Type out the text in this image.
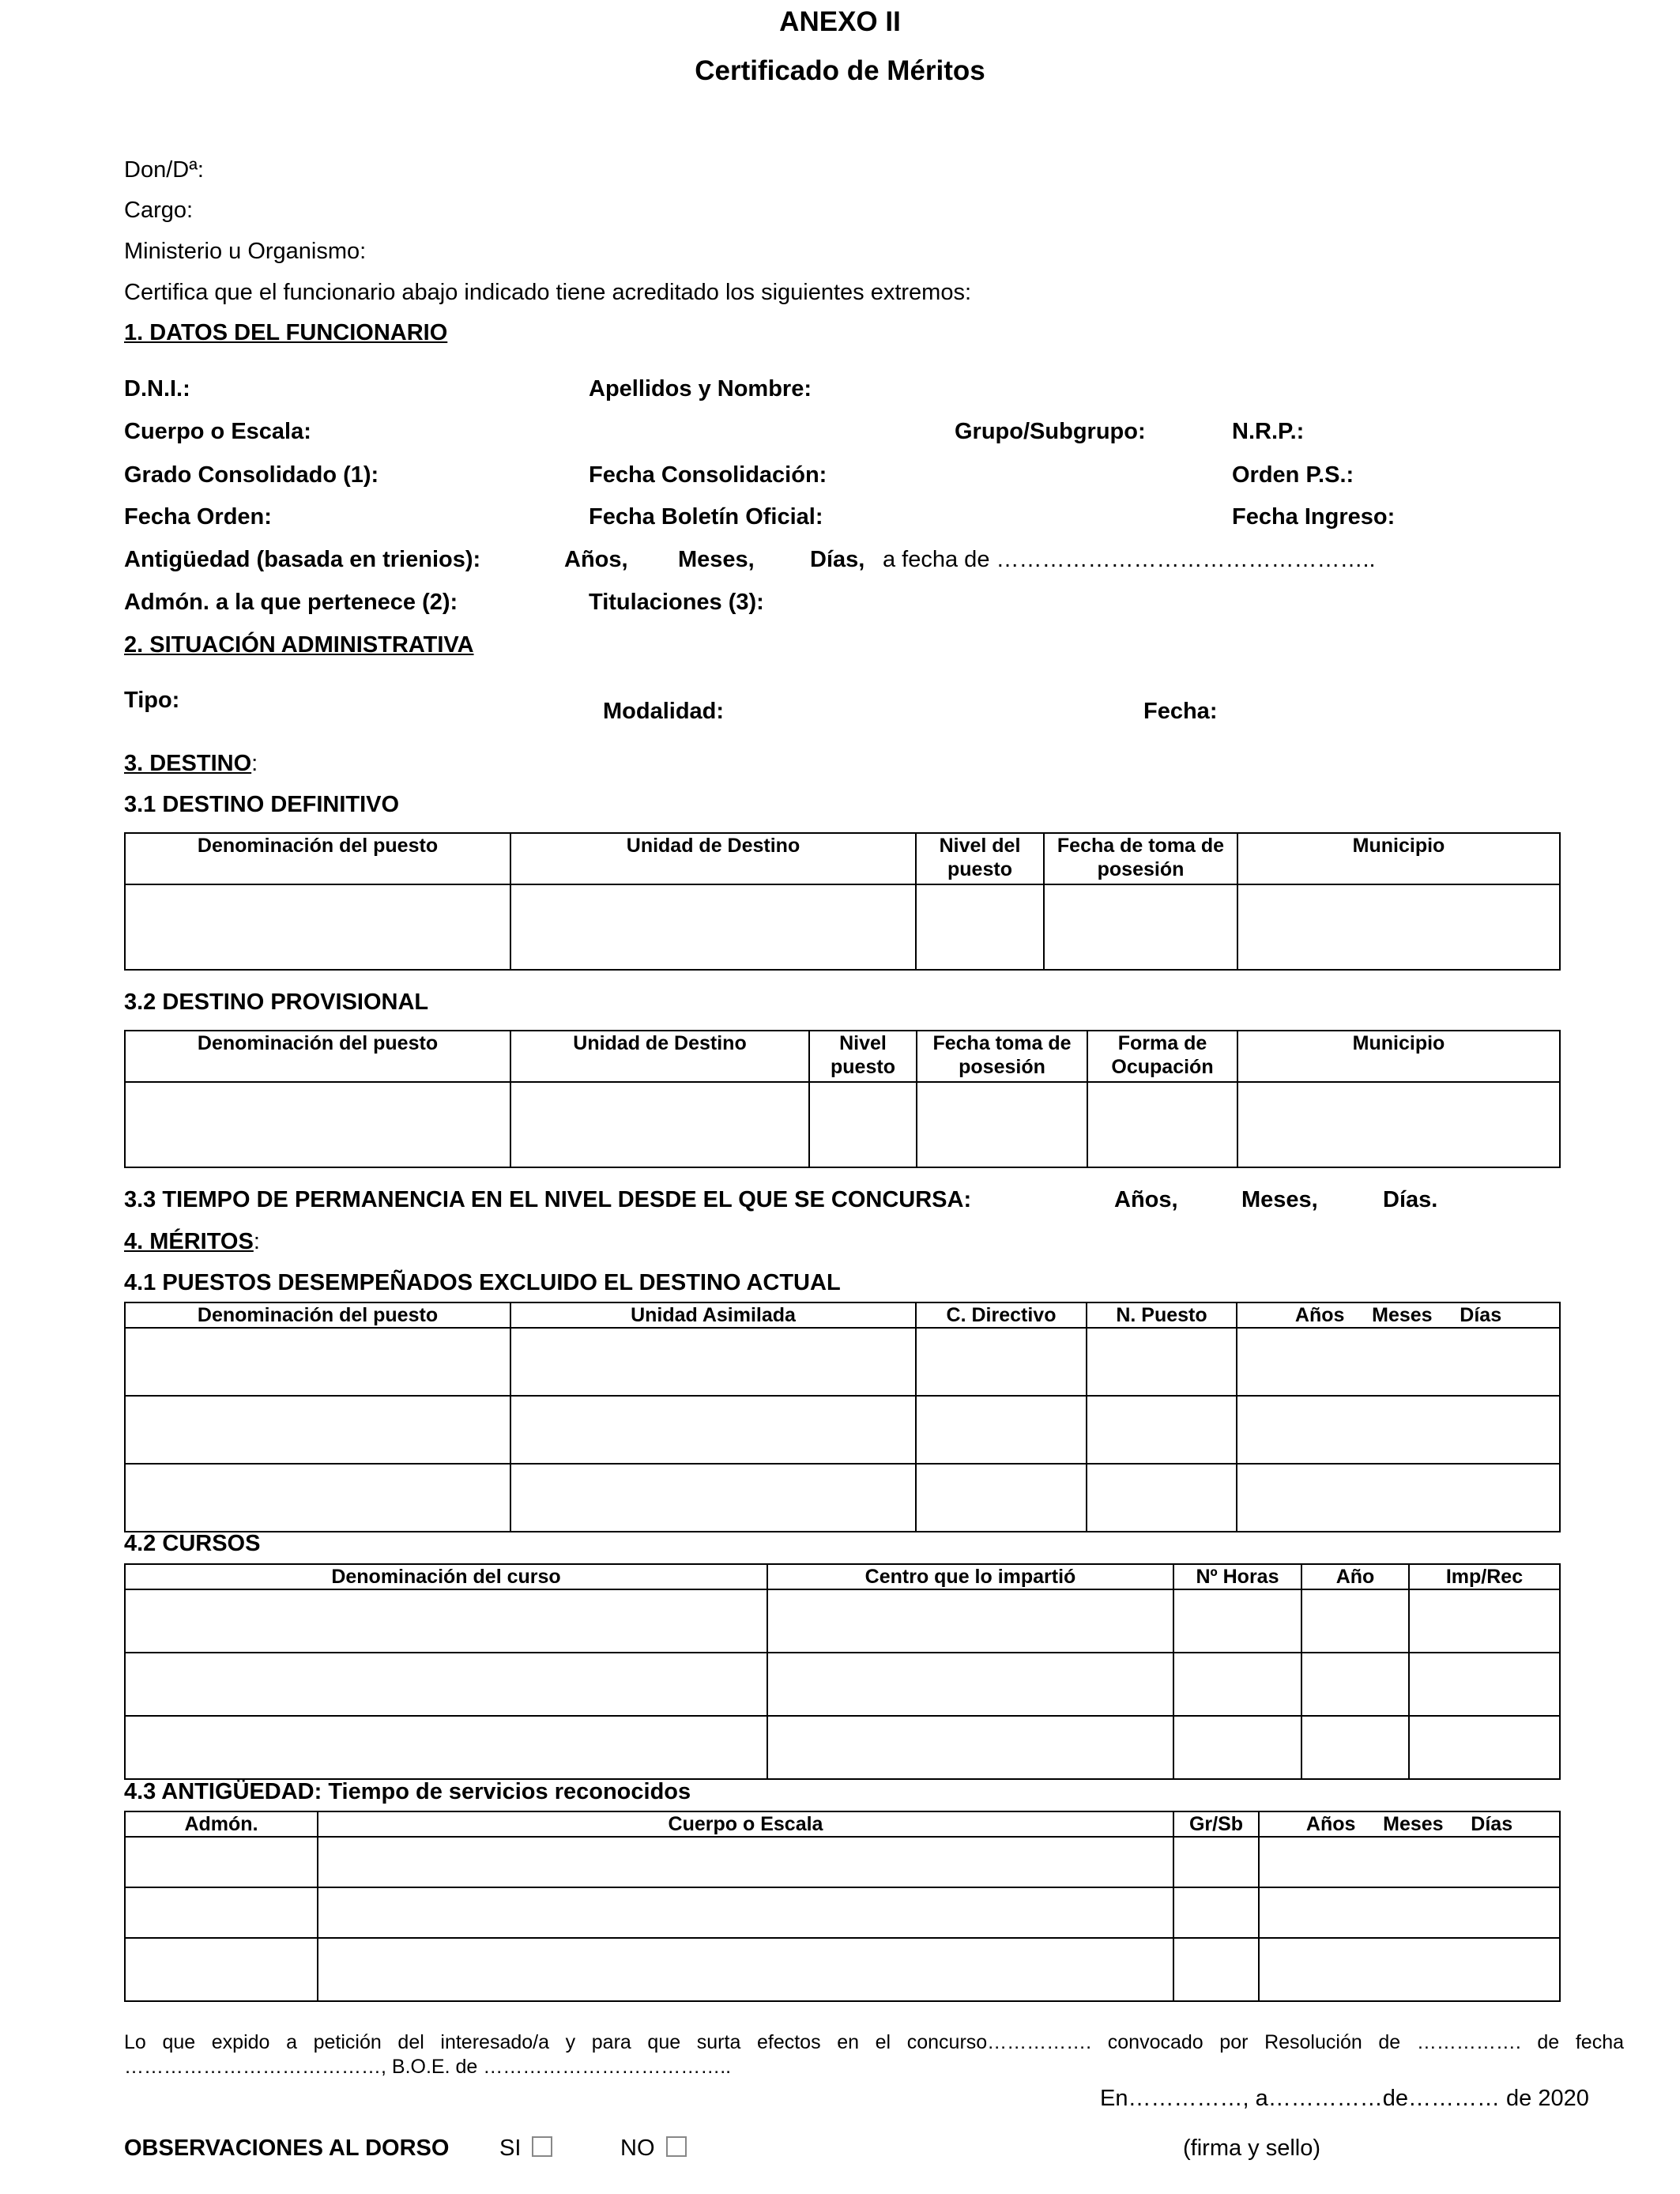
ANEXO II
Certificado de Méritos
Don/Dª:
Cargo:
Ministerio u Organismo:
Certifica que el funcionario abajo indicado tiene acreditado los siguientes extremos:
1. DATOS DEL FUNCIONARIO
D.N.I.:	Apellidos y Nombre:
Cuerpo o Escala:	Grupo/Subgrupo:	N.R.P.:
Grado Consolidado (1):	Fecha Consolidación:	Orden P.S.:
Fecha Orden:	Fecha Boletín Oficial:	Fecha Ingreso:
Antigüedad (basada en trienios):	Años, Meses, Días, a fecha de …………………………………………..
Admón. a la que pertenece (2):	Titulaciones (3):
2. SITUACIÓN ADMINISTRATIVA
Tipo:	Modalidad:	Fecha:
3. DESTINO:
3.1 DESTINO DEFINITIVO
Denominación del puesto	Unidad de Destino	Nivel del puesto	Fecha de toma de posesión	Municipio

3.2 DESTINO PROVISIONAL
Denominación del puesto	Unidad de Destino	Nivel puesto	Fecha toma de posesión	Forma de Ocupación	Municipio

3.3 TIEMPO DE PERMANENCIA EN EL NIVEL DESDE EL QUE SE CONCURSA:	Años,	Meses,	Días.
4. MÉRITOS:
4.1 PUESTOS DESEMPEÑADOS EXCLUIDO EL DESTINO ACTUAL
Denominación del puesto	Unidad Asimilada	C. Directivo	N. Puesto	Años     Meses     Días

4.2 CURSOS
Denominación del curso	Centro que lo impartió	Nº Horas	Año	Imp/Rec

4.3 ANTIGÜEDAD: Tiempo de servicios reconocidos
Admón.	Cuerpo o Escala	Gr/Sb	Años     Meses     Días

Lo que expido a petición del interesado/a y para que surta efectos en el concurso……………. convocado por Resolución de ……………. de fecha
…………………………………, B.O.E. de ………………………………..
En……………, a……………de………… de 2020
OBSERVACIONES AL DORSO SI	NO	(firma y sello)
